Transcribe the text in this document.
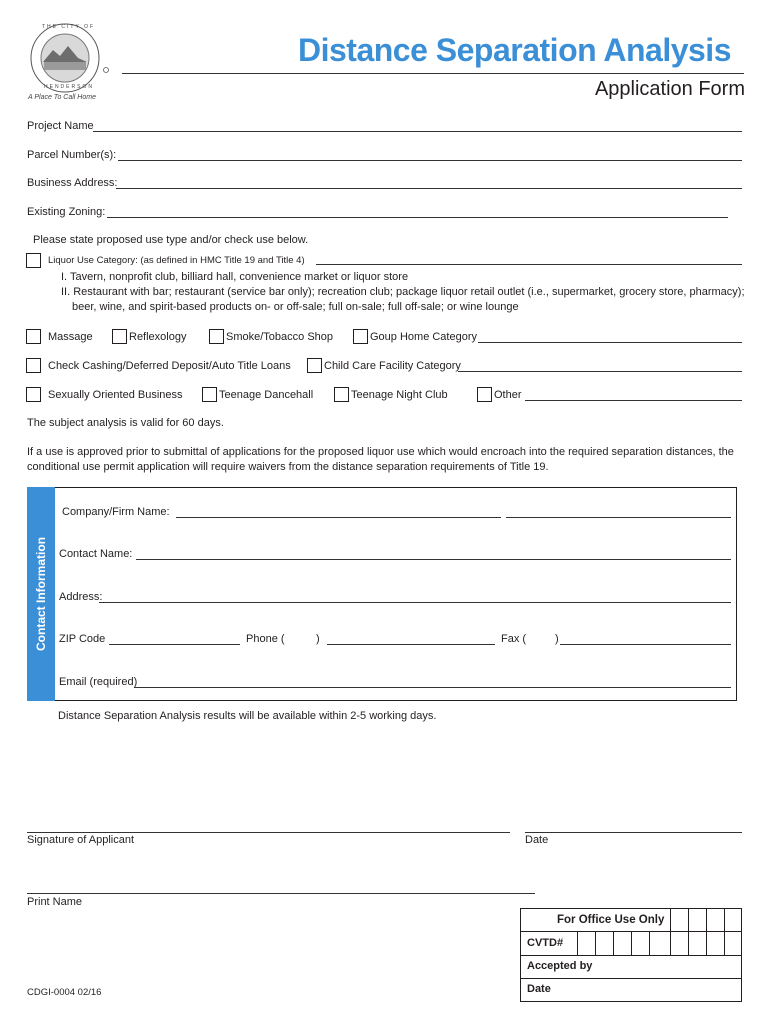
THE CITY OF
HENDERSON
A Place To Call Home
Distance Separation Analysis
Application Form
Project Name
Parcel Number(s):
Business Address:
Existing Zoning:
Please state proposed use type and/or check use below.
Liquor Use Category: (as defined in HMC Title 19 and Title 4)
I. Tavern, nonprofit club, billiard hall, convenience market or liquor store
II. Restaurant with bar; restaurant (service bar only); recreation club; package liquor retail outlet (i.e., supermarket, grocery store, pharmacy);
beer, wine, and spirit-based products on- or off-sale; full on-sale; full off-sale; or wine lounge
Massage	Reflexology	Smoke/Tobacco Shop	Goup Home Category
Check Cashing/Deferred Deposit/Auto Title Loans	Child Care Facility Category
Sexually Oriented Business	Teenage Dancehall	Teenage Night Club	Other
The subject analysis is valid for 60 days.
If a use is approved prior to submittal of applications for the proposed liquor use which would encroach into the required separation distances, the
conditional use permit application will require waivers from the distance separation requirements of Title 19.
Contact Information
Company/Firm Name:
Contact Name:
Address:
ZIP Code	Phone (	)	Fax (	)
Email (required)
Distance Separation Analysis results will be available within 2-5 working days.
Signature of Applicant	Date
Print Name
For Office Use Only
CVTD#
Accepted by
Date
CDGI-0004 02/16
